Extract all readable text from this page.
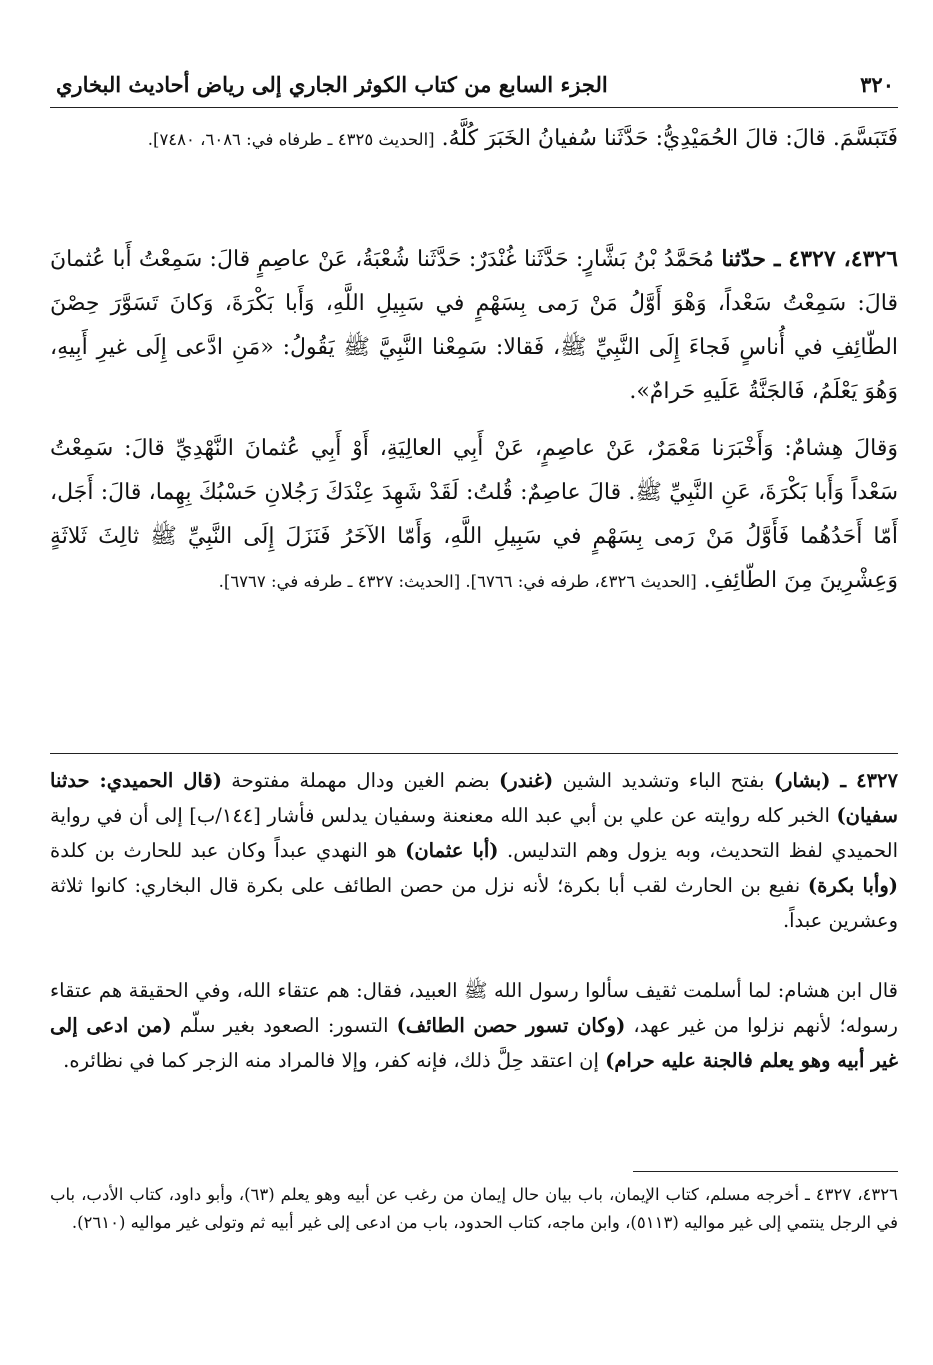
٣٢٠
الجزء السابع من كتاب الكوثر الجاري إلى رياض أحاديث البخاري
فَتَبَسَّمَ. قالَ: قالَ الحُمَيْدِيُّ: حَدَّثَنا سُفيانُ الخَبَرَ كُلَّهُ. [الحديث ٤٣٢٥ ـ طرفاه في: ٦٠٨٦، ٧٤٨٠].
٤٣٢٦، ٤٣٢٧ ـ حدّثنا مُحَمَّدُ بْنُ بَشَّارٍ: حَدَّثَنا غُنْدَرٌ: حَدَّثَنا شُعْبَةُ، عَنْ عاصِمٍ قالَ: سَمِعْتُ أَبا عُثمانَ قالَ: سَمِعْتُ سَعْداً، وَهْوَ أَوَّلُ مَنْ رَمى بِسَهْمٍ في سَبِيلِ اللَّهِ، وَأَبا بَكْرَةَ، وَكانَ تَسَوَّرَ حِصْنَ الطّائِفِ في أُناسٍ فَجاءَ إِلَى النَّبِيِّ ﷺ، فَقالا: سَمِعْنا النَّبِيَّ ﷺ يَقُولُ: «مَنِ ادَّعى إِلَى غيرِ أَبِيهِ، وَهُوَ يَعْلَمُ، فَالجَنَّةُ عَلَيهِ حَرامٌ».
وَقالَ هِشامٌ: وَأَخْبَرَنا مَعْمَرٌ، عَنْ عاصِمٍ، عَنْ أَبِي العالِيَةِ، أَوْ أَبِي عُثمانَ النَّهْدِيِّ قالَ: سَمِعْتُ سَعْداً وَأَبا بَكْرَةَ، عَنِ النَّبِيِّ ﷺ. قالَ عاصِمٌ: قُلتُ: لَقَدْ شَهِدَ عِنْدَكَ رَجُلانِ حَسْبُكَ بِهِما، قالَ: أَجَل، أَمّا أَحَدُهُما فَأَوَّلُ مَنْ رَمى بِسَهْمٍ في سَبِيلِ اللَّهِ، وَأَمّا الآخَرُ فَنَزَلَ إِلَى النَّبِيِّ ﷺ ثالِثَ ثَلاثَةٍ وَعِشْرِينَ مِنَ الطّائِفِ. [الحديث ٤٣٢٦، طرفه في: ٦٧٦٦]. [الحديث: ٤٣٢٧ ـ طرفه في: ٦٧٦٧].
٤٣٢٧ ـ (بشار) بفتح الباء وتشديد الشين (غندر) بضم الغين ودال مهملة مفتوحة (قال الحميدي: حدثنا سفيان) الخبر كله روايته عن علي بن أبي عبد الله معنعنة وسفيان يدلس فأشار [١٤٤/ب] إلى أن في رواية الحميدي لفظ التحديث، وبه يزول وهم التدليس. (أبا عثمان) هو النهدي عبداً وكان عبد للحارث بن كلدة (وأبا بكرة) نفيع بن الحارث لقب أبا بكرة؛ لأنه نزل من حصن الطائف على بكرة قال البخاري: كانوا ثلاثة وعشرين عبداً.
قال ابن هشام: لما أسلمت ثقيف سألوا رسول الله ﷺ العبيد، فقال: هم عتقاء الله، وفي الحقيقة هم عتقاء رسوله؛ لأنهم نزلوا من غير عهد، (وكان تسور حصن الطائف) التسور: الصعود بغير سلّم (من ادعى إلى غير أبيه وهو يعلم فالجنة عليه حرام) إن اعتقد حِلَّ ذلك، فإنه كفر، وإلا فالمراد منه الزجر كما في نظائره.
٤٣٢٦، ٤٣٢٧ ـ أخرجه مسلم، كتاب الإيمان، باب بيان حال إيمان من رغب عن أبيه وهو يعلم (٦٣)، وأبو داود، كتاب الأدب، باب في الرجل ينتمي إلى غير مواليه (٥١١٣)، وابن ماجه، كتاب الحدود، باب من ادعى إلى غير أبيه ثم وتولى غير مواليه (٢٦١٠).
